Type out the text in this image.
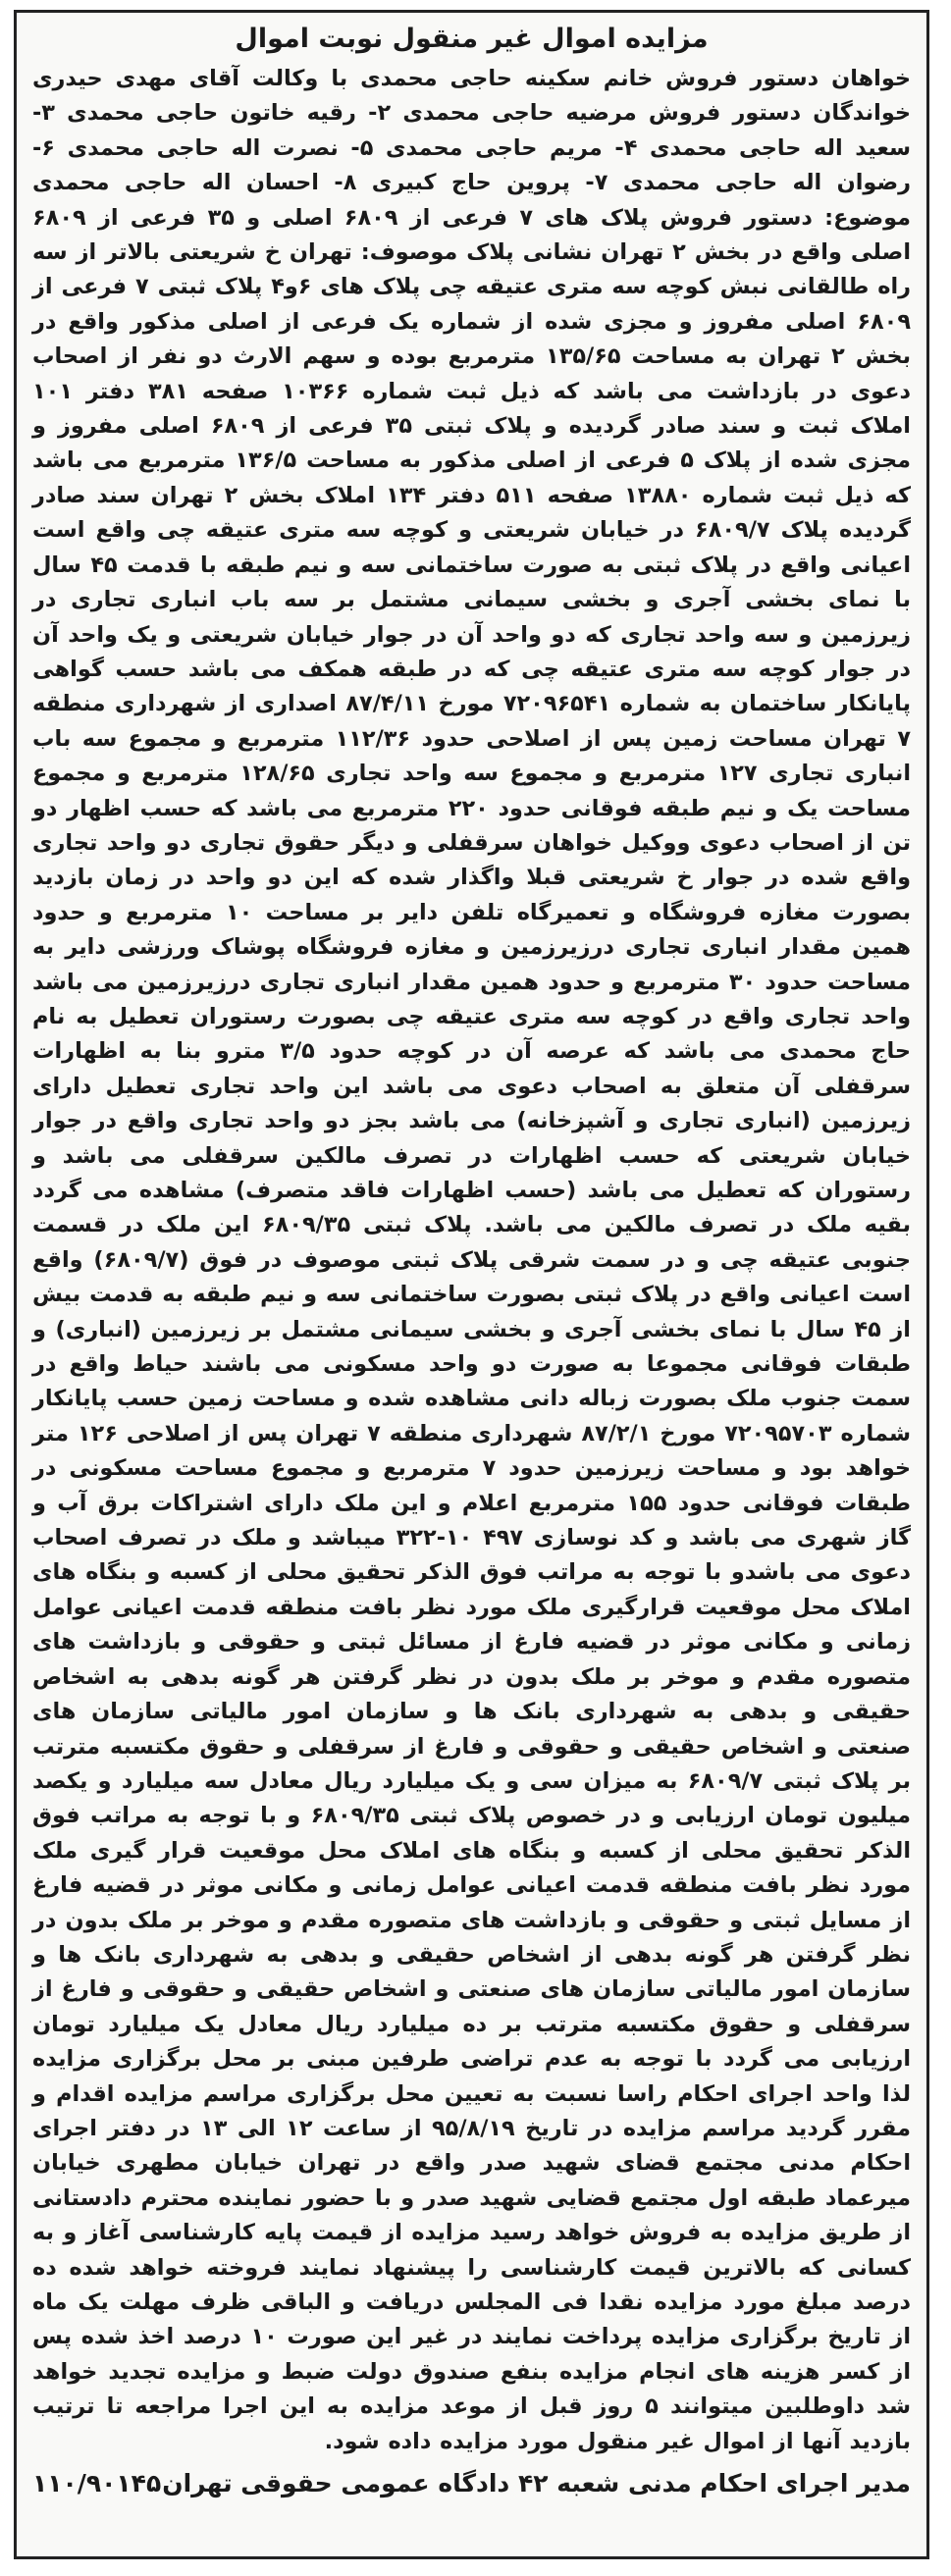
مزایده اموال غیر منقول نوبت اموال

خواهان دستور فروش خانم سکینه حاجی محمدی با وکالت آقای مهدی حیدری خواندگان دستور فروش مرضیه حاجی محمدی ۲- رقیه خاتون حاجی محمدی ۳- سعید اله حاجی محمدی ۴- مریم حاجی محمدی ۵- نصرت اله حاجی محمدی ۶- رضوان اله حاجی محمدی ۷- پروین حاج کبیری ۸- احسان اله حاجی محمدی موضوع: دستور فروش پلاک های ۷ فرعی از ۶۸۰۹ اصلی و ۳۵ فرعی از ۶۸۰۹ اصلی واقع در بخش ۲ تهران نشانی پلاک موصوف: تهران خ شریعتی بالاتر از سه راه طالقانی نبش کوچه سه متری عتیقه چی پلاک های ۶و۴ پلاک ثبتی ۷ فرعی از ۶۸۰۹ اصلی مفروز و مجزی شده از شماره یک فرعی از اصلی مذکور واقع در بخش ۲ تهران به مساحت ۱۳۵/۶۵ مترمربع بوده و سهم الارث دو نفر از اصحاب دعوی در بازداشت می باشد که ذیل ثبت شماره ۱۰۳۶۶ صفحه ۳۸۱ دفتر ۱۰۱ املاک ثبت و سند صادر گردیده و پلاک ثبتی ۳۵ فرعی از ۶۸۰۹ اصلی مفروز و مجزی شده از پلاک ۵ فرعی از اصلی مذکور به مساحت ۱۳۶/۵ مترمربع می باشد که ذیل ثبت شماره ۱۳۸۸۰ صفحه ۵۱۱ دفتر ۱۳۴ املاک بخش ۲ تهران سند صادر گردیده پلاک ۶۸۰۹/۷ در خیابان شریعتی و کوچه سه متری عتیقه چی واقع است اعیانی واقع در پلاک ثبتی به صورت ساختمانی سه و نیم طبقه با قدمت ۴۵ سال با نمای بخشی آجری و بخشی سیمانی مشتمل بر سه باب انباری تجاری در زیرزمین و سه واحد تجاری که دو واحد آن در جوار خیابان شریعتی و یک واحد آن در جوار کوچه سه متری عتیقه چی که در طبقه همکف می باشد حسب گواهی پایانکار ساختمان به شماره ۷۲۰۹۶۵۴۱ مورخ ۸۷/۴/۱۱ اصداری از شهرداری منطقه ۷ تهران مساحت زمین پس از اصلاحی حدود ۱۱۲/۳۶ مترمربع و مجموع سه باب انباری تجاری ۱۲۷ مترمربع و مجموع سه واحد تجاری ۱۲۸/۶۵ مترمربع و مجموع مساحت یک و نیم طبقه فوقانی حدود ۲۲۰ مترمربع می باشد که حسب اظهار دو تن از اصحاب دعوی ووکیل خواهان سرقفلی و دیگر حقوق تجاری دو واحد تجاری واقع شده در جوار خ شریعتی قبلا واگذار شده که این دو واحد در زمان بازدید بصورت مغازه فروشگاه و تعمیرگاه تلفن دایر بر مساحت ۱۰ مترمربع و حدود همین مقدار انباری تجاری درزیرزمین و مغازه فروشگاه پوشاک ورزشی دایر به مساحت حدود ۳۰ مترمربع و حدود همین مقدار انباری تجاری درزیرزمین می باشد واحد تجاری واقع در کوچه سه متری عتیقه چی بصورت رستوران تعطیل به نام حاج محمدی می باشد که عرصه آن در کوچه حدود ۳/۵ مترو بنا به اظهارات سرقفلی آن متعلق به اصحاب دعوی می باشد این واحد تجاری تعطیل دارای زیرزمین (انباری تجاری و آشپزخانه) می باشد بجز دو واحد تجاری واقع در جوار خیابان شریعتی که حسب اظهارات در تصرف مالکین سرقفلی می باشد و رستوران که تعطیل می باشد (حسب اظهارات فاقد متصرف) مشاهده می گردد بقیه ملک در تصرف مالکین می باشد. پلاک ثبتی ۶۸۰۹/۳۵ این ملک در قسمت جنوبی عتیقه چی و در سمت شرقی پلاک ثبتی موصوف در فوق (۶۸۰۹/۷) واقع است اعیانی واقع در پلاک ثبتی بصورت ساختمانی سه و نیم طبقه به قدمت بیش از ۴۵ سال با نمای بخشی آجری و بخشی سیمانی مشتمل بر زیرزمین (انباری) و طبقات فوقانی مجموعا به صورت دو واحد مسکونی می باشند حیاط واقع در سمت جنوب ملک بصورت زباله دانی مشاهده شده و مساحت زمین حسب پایانکار شماره ۷۲۰۹۵۷۰۳ مورخ ۸۷/۲/۱ شهرداری منطقه ۷ تهران پس از اصلاحی ۱۲۶ متر خواهد بود و مساحت زیرزمین حدود ۷ مترمربع و مجموع مساحت مسکونی در طبقات فوقانی حدود ۱۵۵ مترمربع اعلام و این ملک دارای اشتراکات برق آب و گاز شهری می باشد و کد نوسازی ۴۹۷ ۱۰-۳۲۲ میباشد و ملک در تصرف اصحاب دعوی می باشدو با توجه به مراتب فوق الذکر تحقیق محلی از کسبه و بنگاه های املاک محل موقعیت قرارگیری ملک مورد نظر بافت منطقه قدمت اعیانی عوامل زمانی و مکانی موثر در قضیه فارغ از مسائل ثبتی و حقوقی و بازداشت های متصوره مقدم و موخر بر ملک بدون در نظر گرفتن هر گونه بدهی به اشخاص حقیقی و بدهی به شهرداری بانک ها و سازمان امور مالیاتی سازمان های صنعتی و اشخاص حقیقی و حقوقی و فارغ از سرقفلی و حقوق مکتسبه مترتب بر پلاک ثبتی ۶۸۰۹/۷ به میزان سی و یک میلیارد ریال معادل سه میلیارد و یکصد میلیون تومان ارزیابی و در خصوص پلاک ثبتی ۶۸۰۹/۳۵ و با توجه به مراتب فوق الذکر تحقیق محلی از کسبه و بنگاه های املاک محل موقعیت قرار گیری ملک مورد نظر بافت منطقه قدمت اعیانی عوامل زمانی و مکانی موثر در قضیه فارغ از مسایل ثبتی و حقوقی و بازداشت های متصوره مقدم و موخر بر ملک بدون در نظر گرفتن هر گونه بدهی از اشخاص حقیقی و بدهی به شهرداری بانک ها و سازمان امور مالیاتی سازمان های صنعتی و اشخاص حقیقی و حقوقی و فارغ از سرقفلی و حقوق مکتسبه مترتب بر ده میلیارد ریال معادل یک میلیارد تومان ارزیابی می گردد با توجه به عدم تراضی طرفین مبنی بر محل برگزاری مزایده لذا واحد اجرای احکام راسا نسبت به تعیین محل برگزاری مراسم مزایده اقدام و مقرر گردید مراسم مزایده در تاریخ ۹۵/۸/۱۹ از ساعت ۱۲ الی ۱۳ در دفتر اجرای احکام مدنی مجتمع قضای شهید صدر واقع در تهران خیابان مطهری خیابان میرعماد طبقه اول مجتمع قضایی شهید صدر و با حضور نماینده محترم دادستانی از طریق مزایده به فروش خواهد رسید مزایده از قیمت پایه کارشناسی آغاز و به کسانی که بالاترین قیمت کارشناسی را پیشنهاد نمایند فروخته خواهد شده ده درصد مبلغ مورد مزایده نقدا فی المجلس دریافت و الباقی ظرف مهلت یک ماه از تاریخ برگزاری مزایده پرداخت نمایند در غیر این صورت ۱۰ درصد اخذ شده پس از کسر هزینه های انجام مزایده بنفع صندوق دولت ضبط و مزایده تجدید خواهد شد داوطلبین میتوانند ۵ روز قبل از موعد مزایده به این اجرا مراجعه تا ترتیب بازدید آنها از اموال غیر منقول مورد مزایده داده شود.

مدیر اجرای احکام مدنی شعبه ۴۲ دادگاه عمومی حقوقی تهران
۱۱۰/۹۰۱۴۵
